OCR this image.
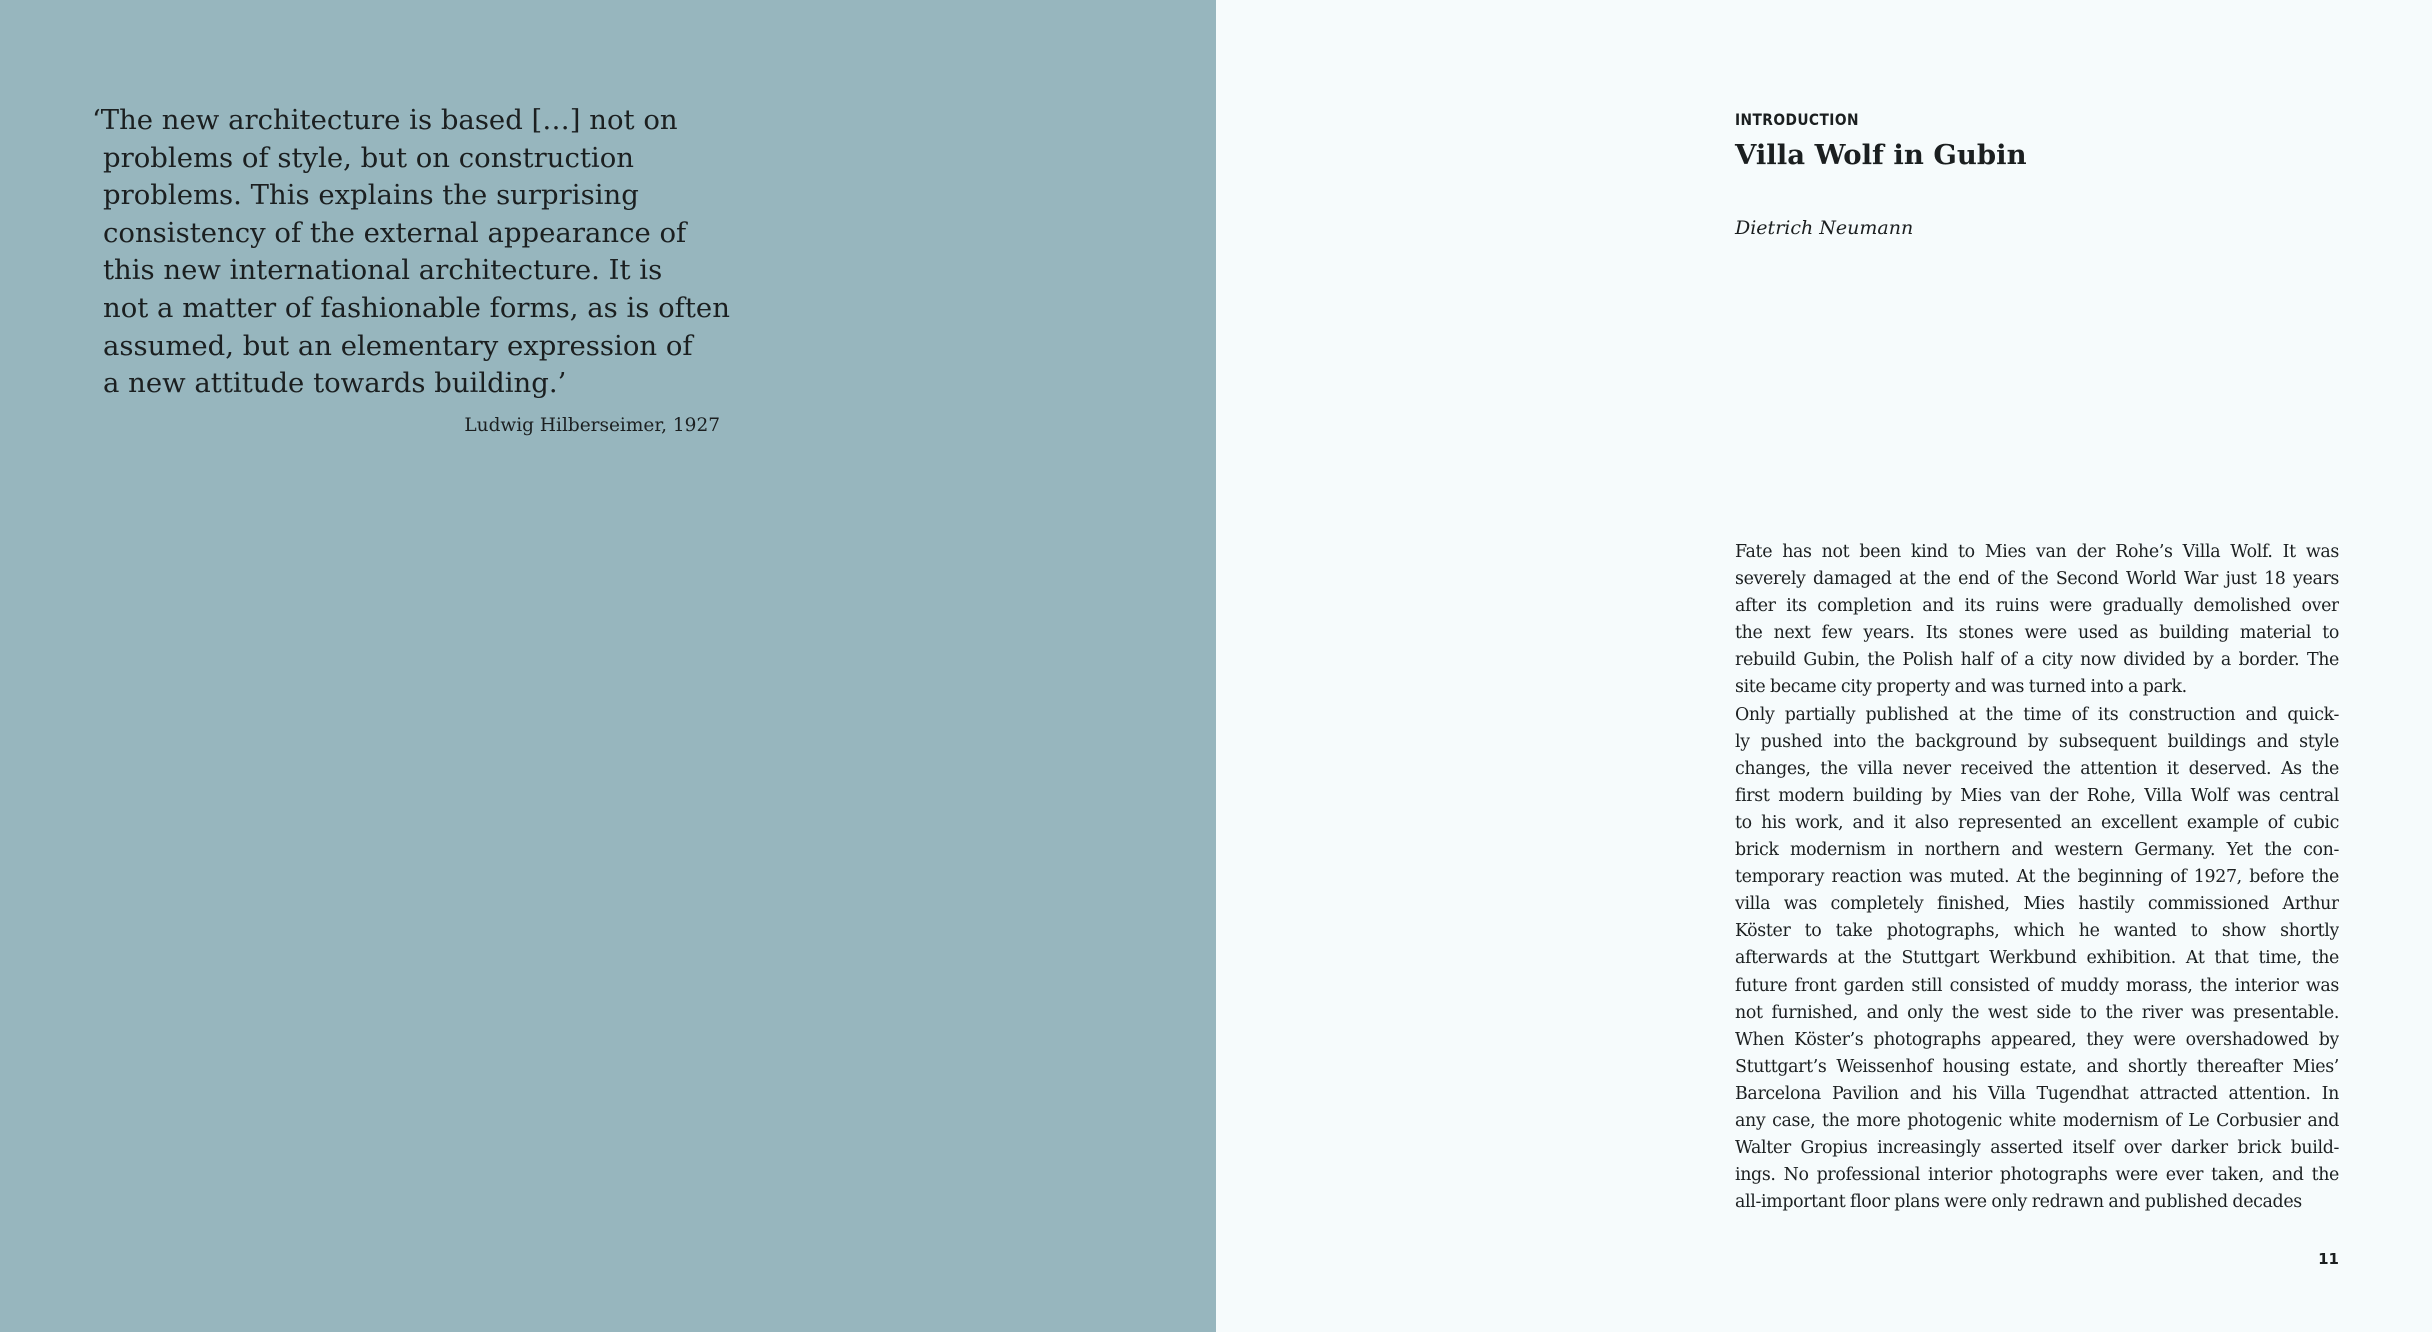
‘The new architecture is based […] not on
problems of style, but on construction
problems. This explains the surprising
consistency of the external appearance of
this new international architecture. It is
not a matter of fashionable forms, as is often
assumed, but an elementary expression of
a new attitude towards building.’
Ludwig Hilberseimer, 1927
INTRODUCTION
Villa Wolf in Gubin
Dietrich Neumann
Fate has not been kind to Mies van der Rohe’s Villa Wolf. It was
severely damaged at the end of the Second World War just 18 years
after its completion and its ruins were gradually demolished over
the next few years. Its stones were used as building material to
rebuild Gubin, the Polish half of a city now divided by a border. The
site became city property and was turned into a park.
Only partially published at the time of its construction and quick-
ly pushed into the background by subsequent buildings and style
changes, the villa never received the attention it deserved. As the
first modern building by Mies van der Rohe, Villa Wolf was central
to his work, and it also represented an excellent example of cubic
brick modernism in northern and western Germany. Yet the con-
temporary reaction was muted. At the beginning of 1927, before the
villa was completely finished, Mies hastily commissioned Arthur
Köster to take photographs, which he wanted to show shortly
afterwards at the Stuttgart Werkbund exhibition. At that time, the
future front garden still consisted of muddy morass, the interior was
not furnished, and only the west side to the river was presentable.
When Köster’s photographs appeared, they were overshadowed by
Stuttgart’s Weissenhof housing estate, and shortly thereafter Mies’
Barcelona Pavilion and his Villa Tugendhat attracted attention. In
any case, the more photogenic white modernism of Le Corbusier and
Walter Gropius increasingly asserted itself over darker brick build-
ings. No professional interior photographs were ever taken, and the
all-important floor plans were only redrawn and published decades
11
